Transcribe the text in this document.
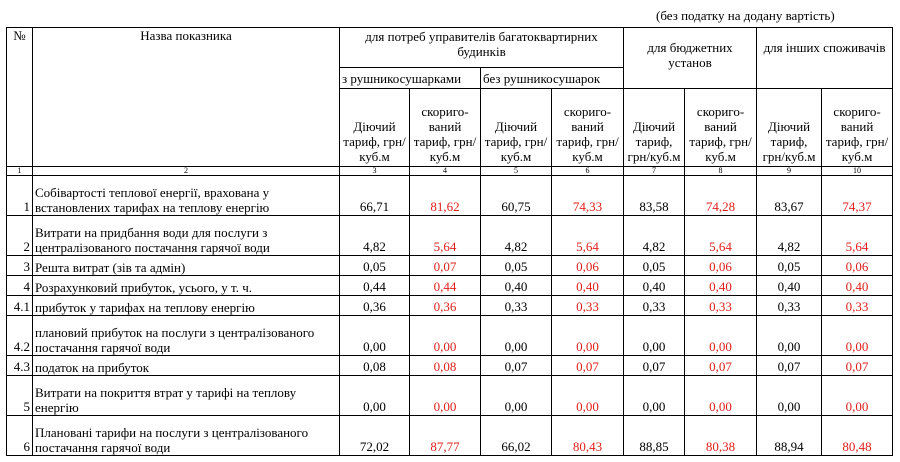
(без податку на додану вартість)
№	Назва показника	для потреб управителів багатоквартирних будинків				для бюджетних установ		для інших споживачів	
		з рушникосушарками		без рушникосушарок					
		Діючий тариф, грн/куб.м	скориго-ваний тариф, грн/куб.м	Діючий тариф, грн/куб.м	скориго-ваний тариф, грн/куб.м	Діючий тариф, грн/куб.м	скориго-ваний тариф, грн/куб.м	Діючий тариф, грн/куб.м	скориго-ваний тариф, грн/куб.м
1	2	3	4	5	6	7	8	9	10
1	Собівартості теплової енергії, врахована у встановлених тарифах на теплову енергію	66,71	81,62	60,75	74,33	83,58	74,28	83,67	74,37
2	Витрати на придбання води для послуги з централізованого постачання гарячої води	4,82	5,64	4,82	5,64	4,82	5,64	4,82	5,64
3	Решта витрат (зів та адмін)	0,05	0,07	0,05	0,06	0,05	0,06	0,05	0,06
4	Розрахунковий прибуток, усього, у т. ч.	0,44	0,44	0,40	0,40	0,40	0,40	0,40	0,40
4.1	прибуток у тарифах на теплову енергію	0,36	0,36	0,33	0,33	0,33	0,33	0,33	0,33
4.2	плановий прибуток на послуги з централізованого постачання гарячої води	0,00	0,00	0,00	0,00	0,00	0,00	0,00	0,00
4.3	податок на прибуток	0,08	0,08	0,07	0,07	0,07	0,07	0,07	0,07
5	Витрати на покриття втрат у тарифі на теплову енергію	0,00	0,00	0,00	0,00	0,00	0,00	0,00	0,00
6	Плановані тарифи на послуги з централізованого постачання гарячої води	72,02	87,77	66,02	80,43	88,85	80,38	88,94	80,48
